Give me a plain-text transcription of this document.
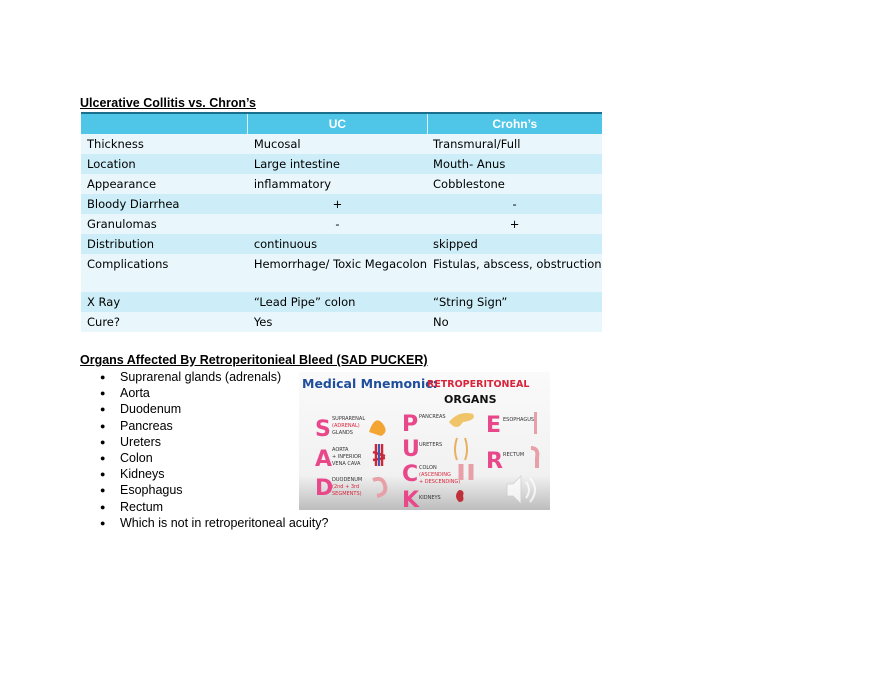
Ulcerative Collitis vs. Chron’s
	UC	Crohn’s
Thickness	Mucosal	Transmural/Full
Location	Large intestine	Mouth- Anus
Appearance	inflammatory	Cobblestone
Bloody Diarrhea	+	-
Granulomas	-	+
Distribution	continuous	skipped
Complications	Hemorrhage/ Toxic Megacolon	Fistulas, abscess, obstruction
X Ray	“Lead Pipe” colon	“String Sign”
Cure?	Yes	No
Organs Affected By Retroperitonieal Bleed (SAD PUCKER)
● Suprarenal glands (adrenals)
● Aorta
● Duodenum
● Pancreas
● Ureters
● Colon
● Kidneys
● Esophagus
● Rectum
● Which is not in retroperitoneal acuity?
Medical Mnemonic:
RETROPERITONEAL
ORGANS
S SUPRARENAL
(ADRENAL)
GLANDS
A AORTA
+ INFERIOR
VENA CAVA
D
DUODENUM
(2nd + 3rd
SEGMENTS)
P PANCREAS
U URETERS
C COLON
(ASCENDING
+ DESCENDING)
K KIDNEYS
E ESOPHAGUS
R RECTUM
